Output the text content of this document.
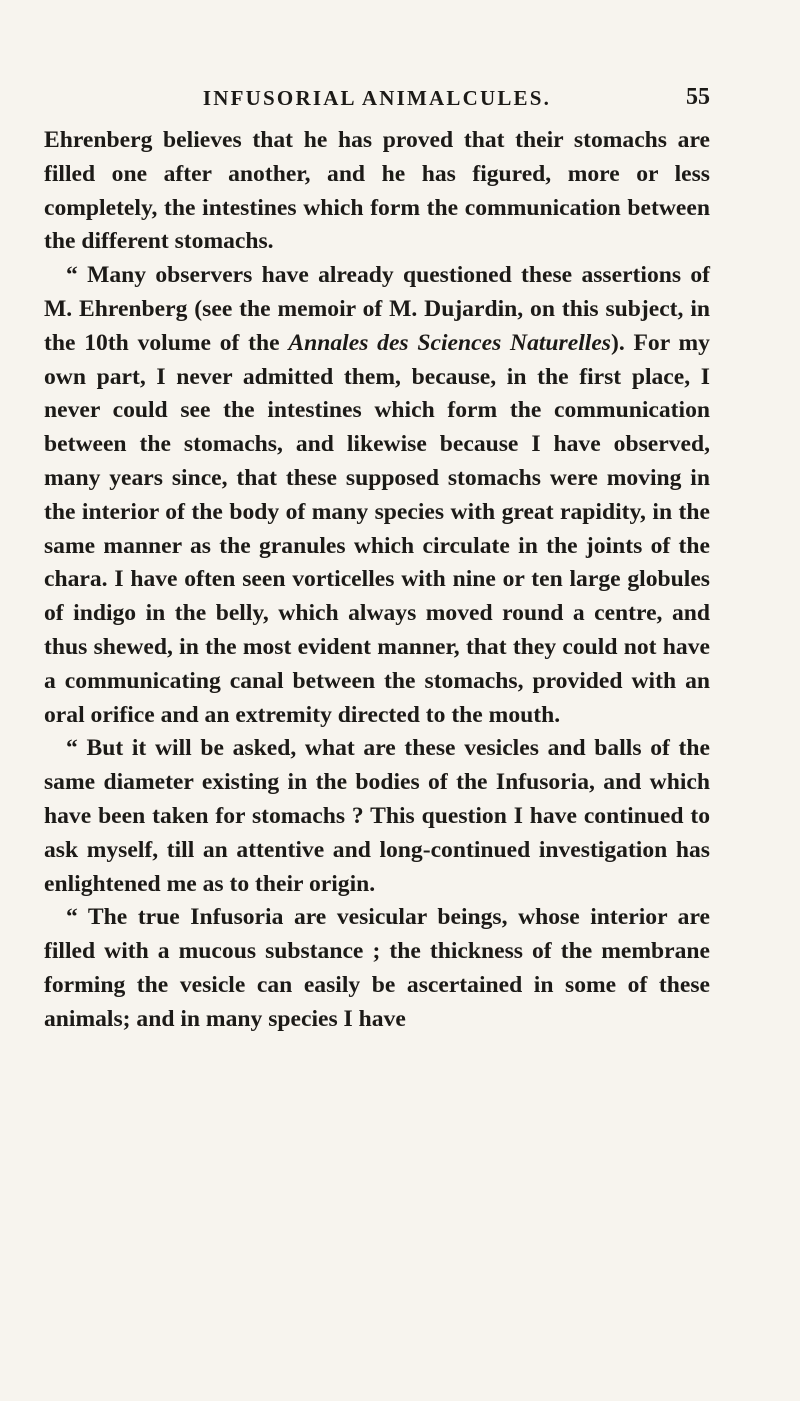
INFUSORIAL ANIMALCULES.	55

Ehrenberg believes that he has proved that their stomachs are filled one after another, and he has figured, more or less completely, the intestines which form the communication between the different stomachs.

“ Many observers have already questioned these assertions of M. Ehrenberg (see the memoir of M. Dujardin, on this subject, in the 10th volume of the Annales des Sciences Naturelles). For my own part, I never admitted them, because, in the first place, I never could see the intestines which form the communication between the stomachs, and likewise because I have observed, many years since, that these supposed stomachs were moving in the interior of the body of many species with great rapidity, in the same manner as the granules which circulate in the joints of the chara. I have often seen vorticelles with nine or ten large globules of indigo in the belly, which always moved round a centre, and thus shewed, in the most evident manner, that they could not have a communicating canal between the stomachs, provided with an oral orifice and an extremity directed to the mouth.

“ But it will be asked, what are these vesicles and balls of the same diameter existing in the bodies of the Infusoria, and which have been taken for stomachs ? This question I have continued to ask myself, till an attentive and long-continued investigation has enlightened me as to their origin.

“ The true Infusoria are vesicular beings, whose interior are filled with a mucous substance ; the thickness of the membrane forming the vesicle can easily be ascertained in some of these animals; and in many species I have
